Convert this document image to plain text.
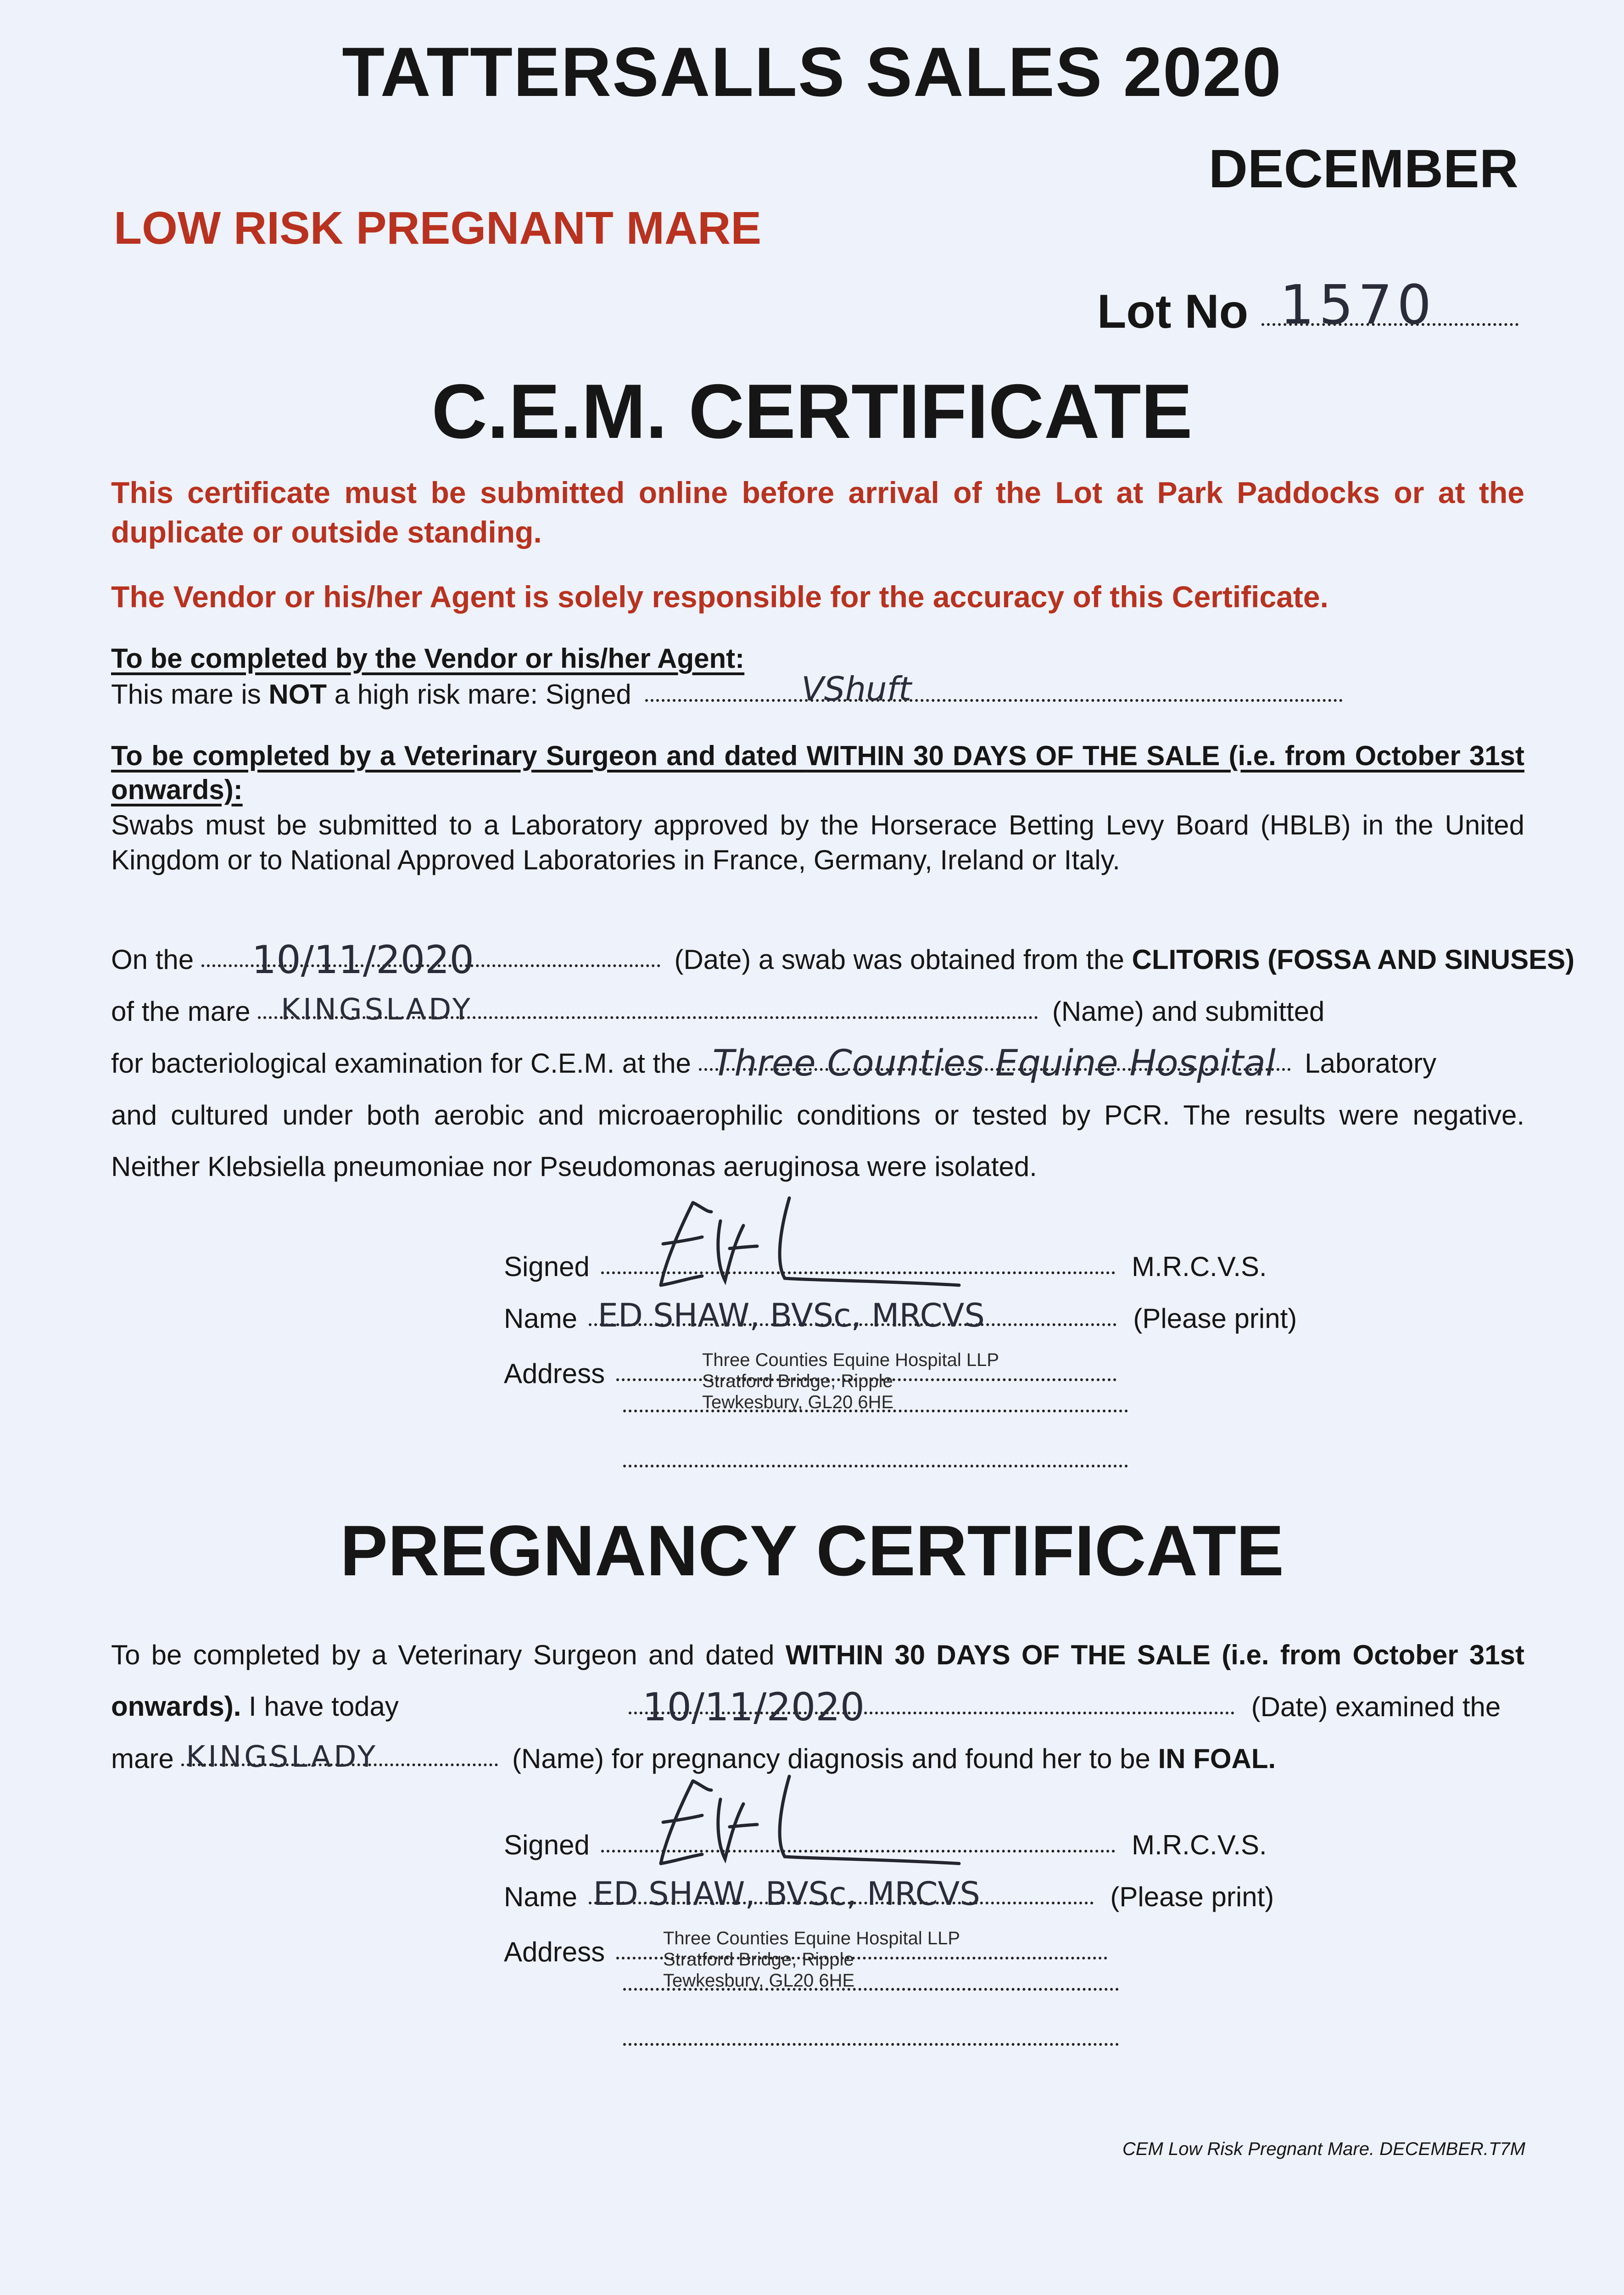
TATTERSALLS SALES 2020
DECEMBER
LOW RISK PREGNANT MARE
Lot No 1570
C.E.M. CERTIFICATE
This certificate must be submitted online before arrival of the Lot at Park Paddocks or at the duplicate or outside standing.
The Vendor or his/her Agent is solely responsible for the accuracy of this Certificate.
To be completed by the Vendor or his/her Agent:
This mare is NOT a high risk mare: Signed	VShuft
To be completed by a Veterinary Surgeon and dated WITHIN 30 DAYS OF THE SALE (i.e. from October 31st onwards):
Swabs must be submitted to a Laboratory approved by the Horserace Betting Levy Board (HBLB) in the United Kingdom or to National Approved Laboratories in France, Germany, Ireland or Italy.
On the 10/11/2020	(Date) a swab was obtained from the CLITORIS (FOSSA AND SINUSES)
of the mare KINGSLADY	(Name) and submitted
for bacteriological examination for C.E.M. at the Three Counties Equine Hospital Laboratory
and cultured under both aerobic and microaerophilic conditions or tested by PCR. The results were negative. Neither Klebsiella pneumoniae nor Pseudomonas aeruginosa were isolated.
Signed	M.R.C.V.S.
Name ED SHAW, BVSc, MRCVS	(Please print)
Address	Three Counties Equine Hospital LLP
Stratford Bridge, Ripple
Tewkesbury, GL20 6HE
PREGNANCY CERTIFICATE
To be completed by a Veterinary Surgeon and dated WITHIN 30 DAYS OF THE SALE (i.e. from October 31st onwards). I have today	10/11/2020	(Date) examined the
mare KINGSLADY	(Name) for pregnancy diagnosis and found her to be IN FOAL.
Signed	M.R.C.V.S.
Name ED SHAW, BVSc, MRCVS	(Please print)
Address	Three Counties Equine Hospital LLP
Stratford Bridge, Ripple
Tewkesbury, GL20 6HE
CEM Low Risk Pregnant Mare. DECEMBER.T7M
